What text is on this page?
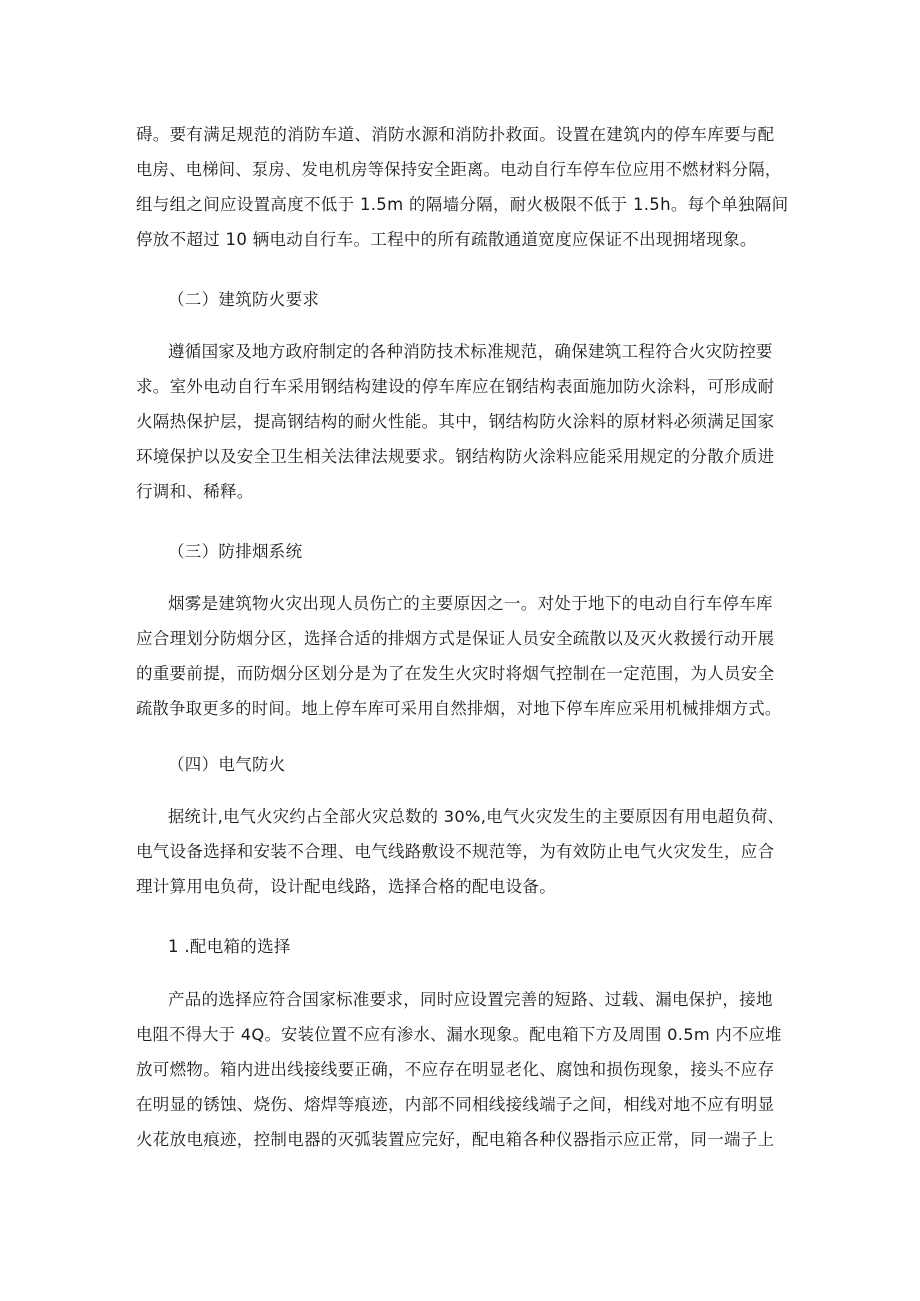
碍。要有满足规范的消防车道、消防水源和消防扑救面。设置在建筑内的停车库要与配
电房、电梯间、泵房、发电机房等保持安全距离。电动自行车停车位应用不燃材料分隔，
组与组之间应设置高度不低于 1.5m 的隔墙分隔，耐火极限不低于 1.5h。每个单独隔间
停放不超过 10 辆电动自行车。工程中的所有疏散通道宽度应保证不出现拥堵现象。
（二）建筑防火要求
遵循国家及地方政府制定的各种消防技术标准规范，确保建筑工程符合火灾防控要
求。室外电动自行车采用钢结构建设的停车库应在钢结构表面施加防火涂料，可形成耐
火隔热保护层，提高钢结构的耐火性能。其中，钢结构防火涂料的原材料必须满足国家
环境保护以及安全卫生相关法律法规要求。钢结构防火涂料应能采用规定的分散介质进
行调和、稀释。
（三）防排烟系统
烟雾是建筑物火灾出现人员伤亡的主要原因之一。对处于地下的电动自行车停车库
应合理划分防烟分区，选择合适的排烟方式是保证人员安全疏散以及灭火救援行动开展
的重要前提，而防烟分区划分是为了在发生火灾时将烟气控制在一定范围，为人员安全
疏散争取更多的时间。地上停车库可采用自然排烟，对地下停车库应采用机械排烟方式。
（四）电气防火
据统计,电气火灾约占全部火灾总数的 30%,电气火灾发生的主要原因有用电超负荷、
电气设备选择和安装不合理、电气线路敷设不规范等，为有效防止电气火灾发生，应合
理计算用电负荷，设计配电线路，选择合格的配电设备。
1 .配电箱的选择
产品的选择应符合国家标准要求，同时应设置完善的短路、过载、漏电保护，接地
电阻不得大于 4Q。安装位置不应有渗水、漏水现象。配电箱下方及周围 0.5m 内不应堆
放可燃物。箱内进出线接线要正确，不应存在明显老化、腐蚀和损伤现象，接头不应存
在明显的锈蚀、烧伤、熔焊等痕迹，内部不同相线接线端子之间，相线对地不应有明显
火花放电痕迹，控制电器的灭弧装置应完好，配电箱各种仪器指示应正常，同一端子上
